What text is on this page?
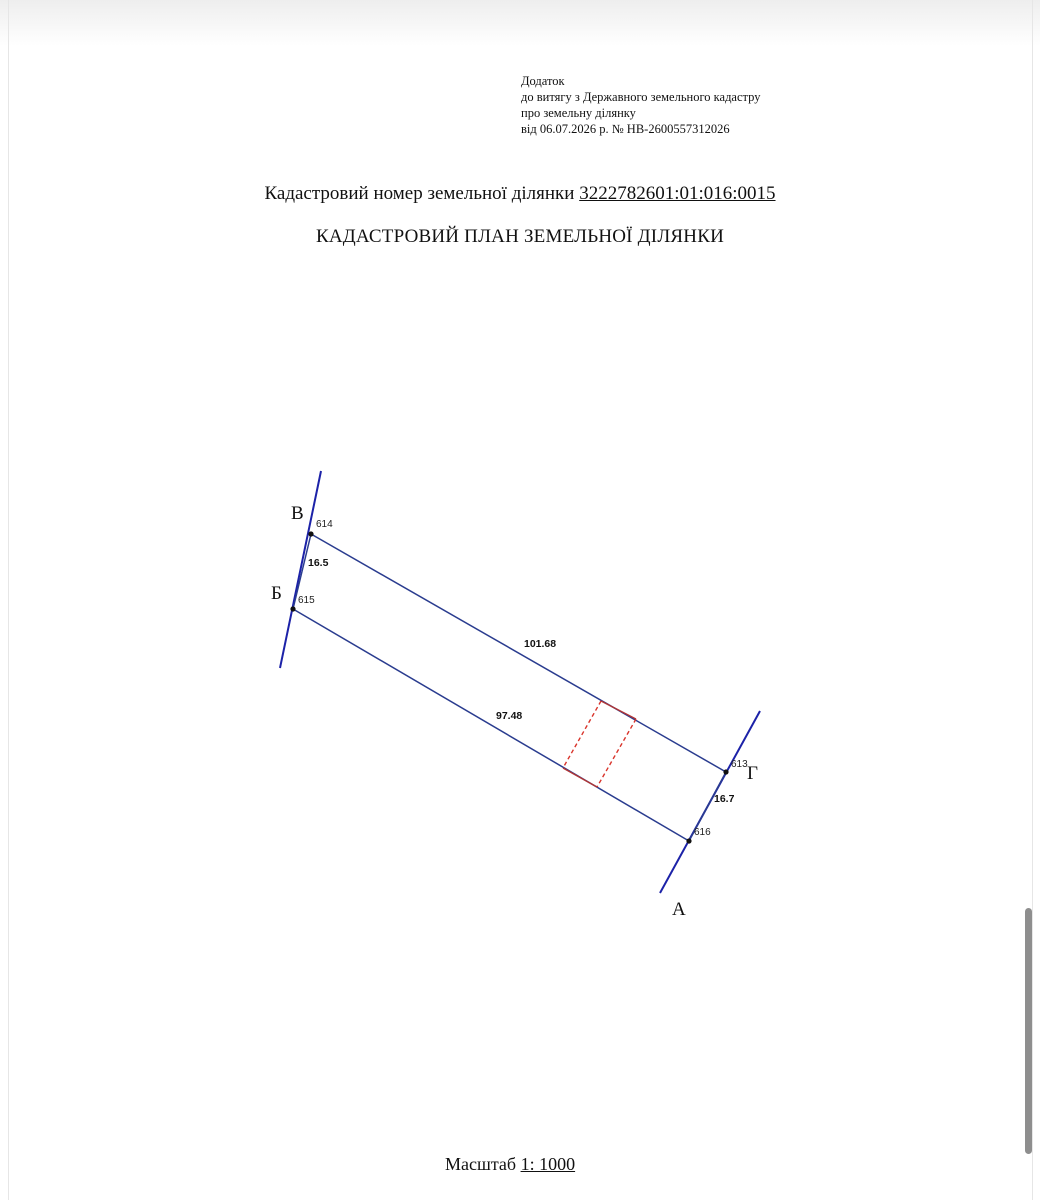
Додаток
до витягу з Державного земельного кадастру
про земельну ділянку
від 06.07.2026 р. № НВ-2600557312026
Кадастровий номер земельної ділянки 3222782601:01:016:0015
КАДАСТРОВИЙ ПЛАН ЗЕМЕЛЬНОЇ ДІЛЯНКИ
614
615
613
616
В
Б
Г
А
101.68
97.48
16.5
16.7
Масштаб 1: 1000
